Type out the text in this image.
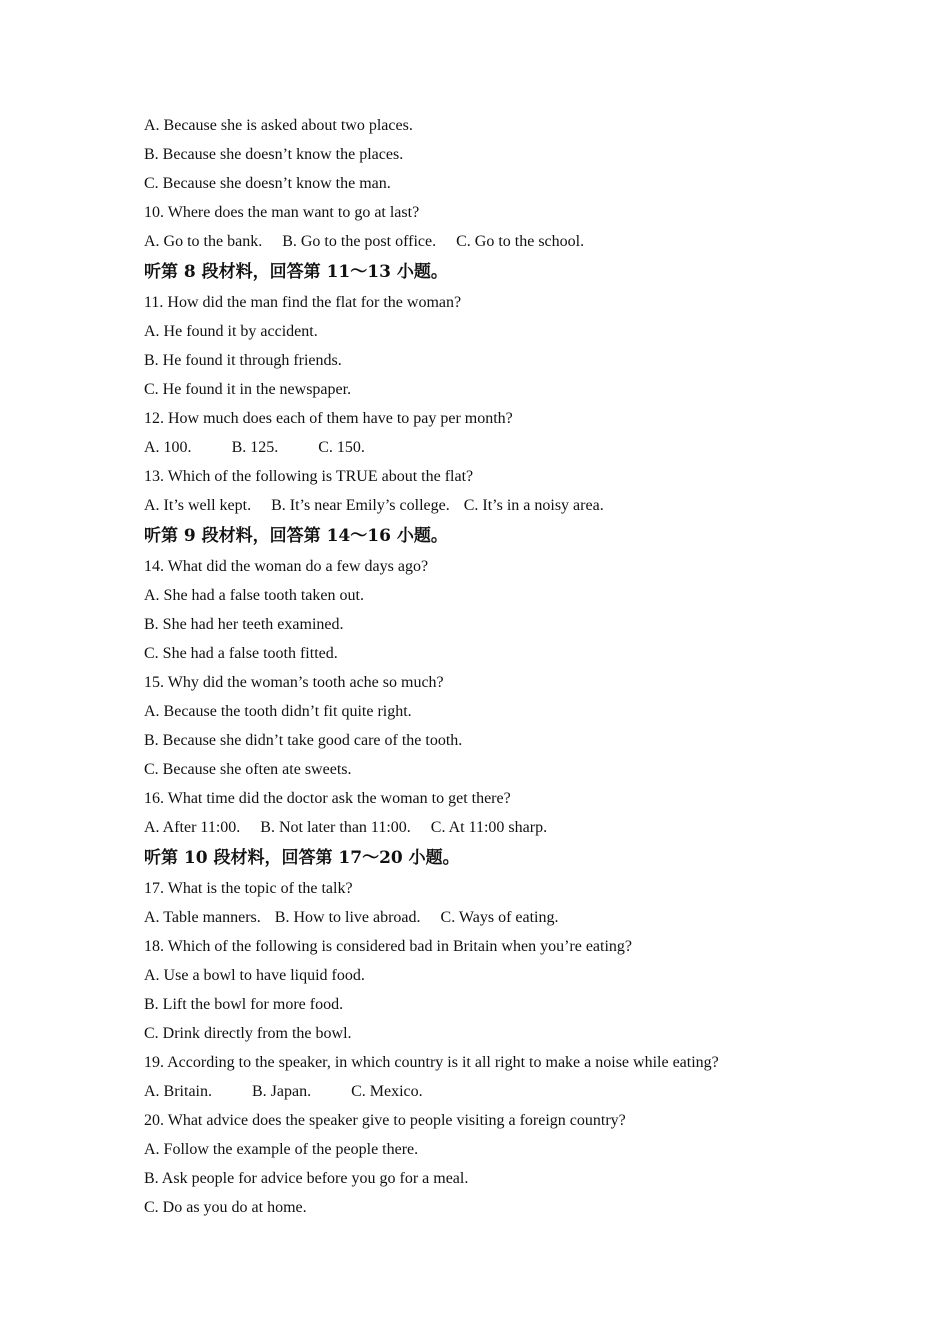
A. Because she is asked about two places.
B. Because she doesn’t know the places.
C. Because she doesn’t know the man.
10. Where does the man want to go at last?
A. Go to the bank. B. Go to the post office. C. Go to the school.
听第 8 段材料，回答第 11～13 小题。
11. How did the man find the flat for the woman?
A. He found it by accident.
B. He found it through friends.
C. He found it in the newspaper.
12. How much does each of them have to pay per month?
A. 100.	B. 125.	C. 150.
13. Which of the following is TRUE about the flat?
A. It’s well kept. B. It’s near Emily’s college. C. It’s in a noisy area.
听第 9 段材料，回答第 14～16 小题。
14. What did the woman do a few days ago?
A. She had a false tooth taken out.
B. She had her teeth examined.
C. She had a false tooth fitted.
15. Why did the woman’s tooth ache so much?
A. Because the tooth didn’t fit quite right.
B. Because she didn’t take good care of the tooth.
C. Because she often ate sweets.
16. What time did the doctor ask the woman to get there?
A. After 11:00. B. Not later than 11:00. C. At 11:00 sharp.
听第 10 段材料，回答第 17～20 小题。
17. What is the topic of the talk?
A. Table manners. B. How to live abroad. C. Ways of eating.
18. Which of the following is considered bad in Britain when you’re eating?
A. Use a bowl to have liquid food.
B. Lift the bowl for more food.
C. Drink directly from the bowl.
19. According to the speaker, in which country is it all right to make a noise while eating?
A. Britain.	B. Japan.	C. Mexico.
20. What advice does the speaker give to people visiting a foreign country?
A. Follow the example of the people there.
B. Ask people for advice before you go for a meal.
C. Do as you do at home.
